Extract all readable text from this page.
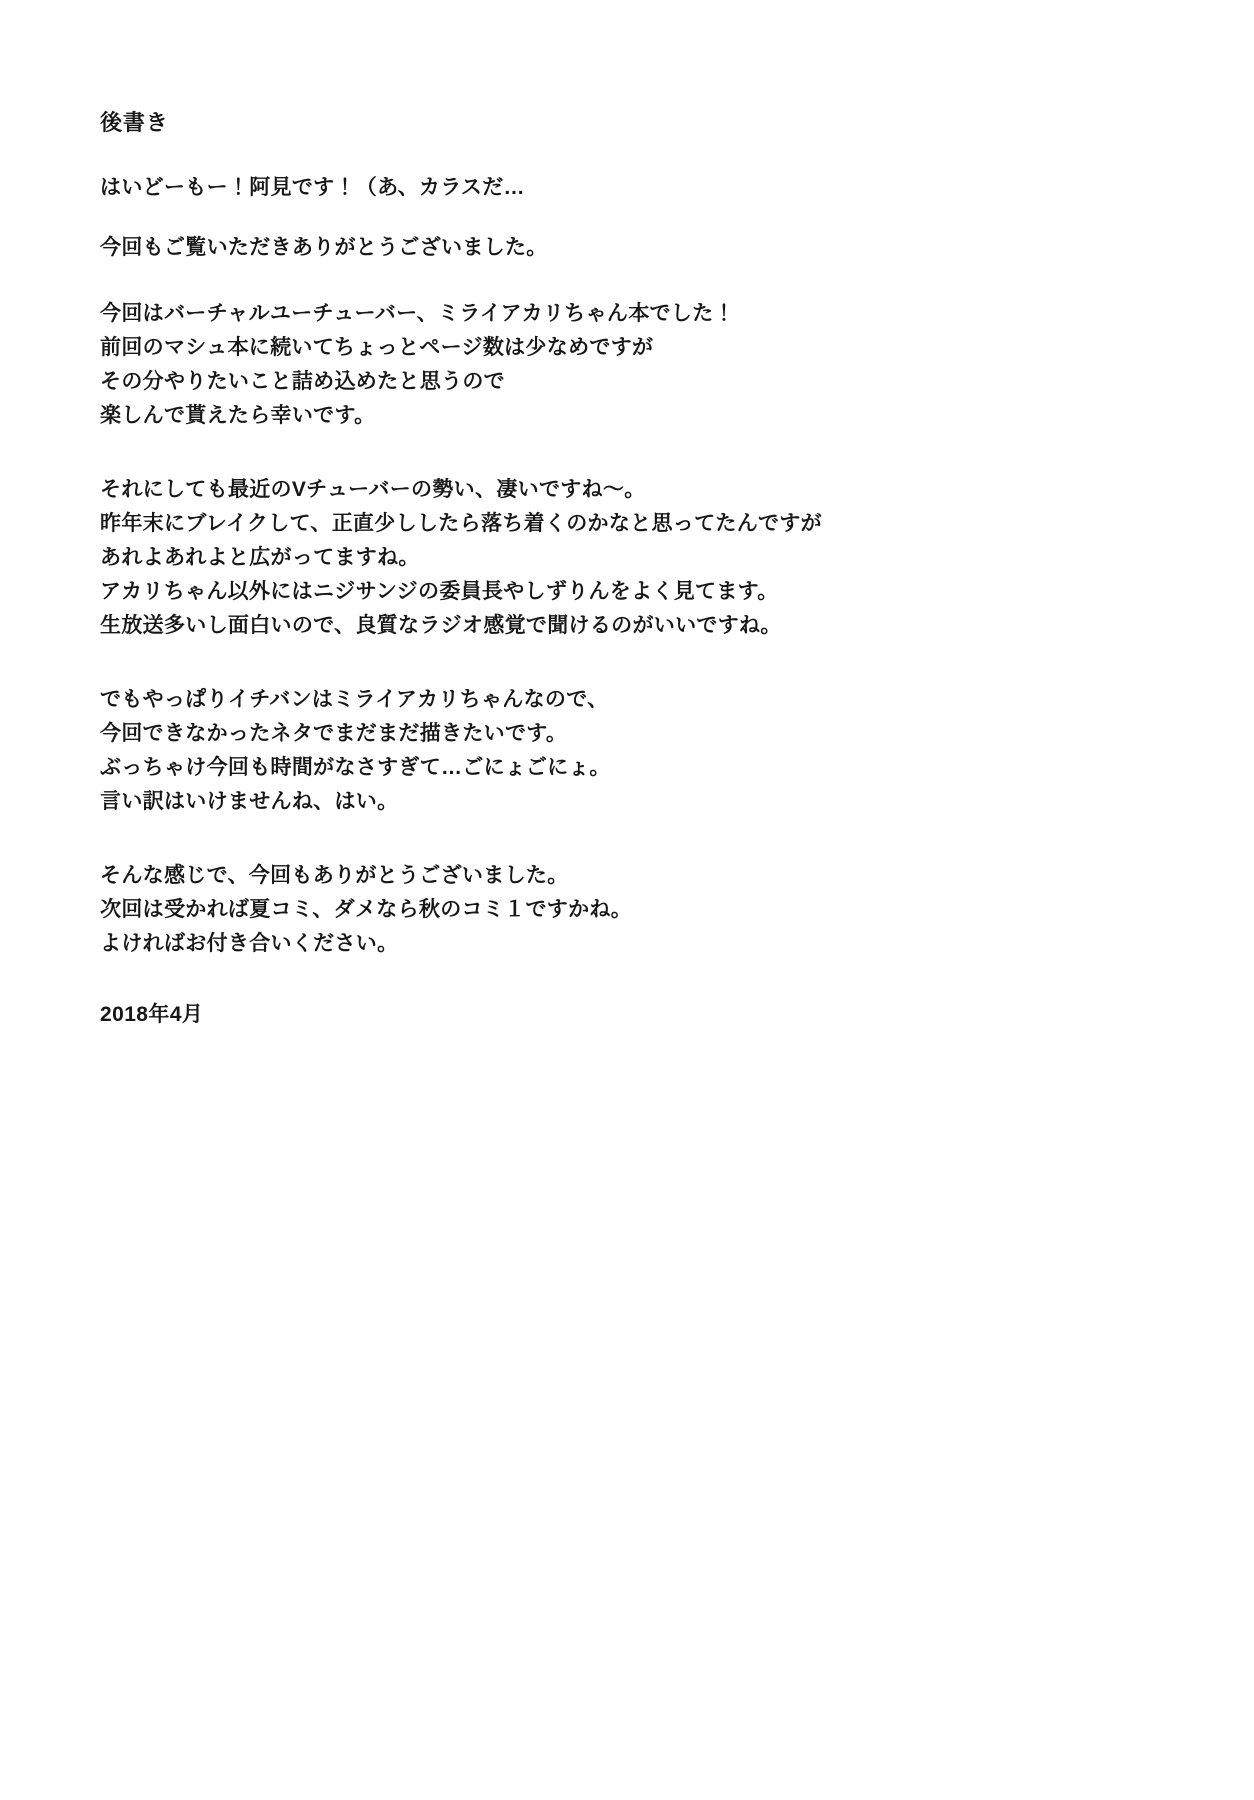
後書き

はいどーもー！阿見です！（あ、カラスだ…

今回もご覧いただきありがとうございました。

今回はバーチャルユーチューバー、ミライアカリちゃん本でした！
前回のマシュ本に続いてちょっとページ数は少なめですが
その分やりたいこと詰め込めたと思うので
楽しんで貰えたら幸いです。

それにしても最近のVチューバーの勢い、凄いですね〜。
昨年末にブレイクして、正直少ししたら落ち着くのかなと思ってたんですが
あれよあれよと広がってますね。
アカリちゃん以外にはニジサンジの委員長やしずりんをよく見てます。
生放送多いし面白いので、良質なラジオ感覚で聞けるのがいいですね。

でもやっぱりイチバンはミライアカリちゃんなので、
今回できなかったネタでまだまだ描きたいです。
ぶっちゃけ今回も時間がなさすぎて…ごにょごにょ。
言い訳はいけませんね、はい。

そんな感じで、今回もありがとうございました。
次回は受かれば夏コミ、ダメなら秋のコミ１ですかね。
よければお付き合いください。

2018年4月
